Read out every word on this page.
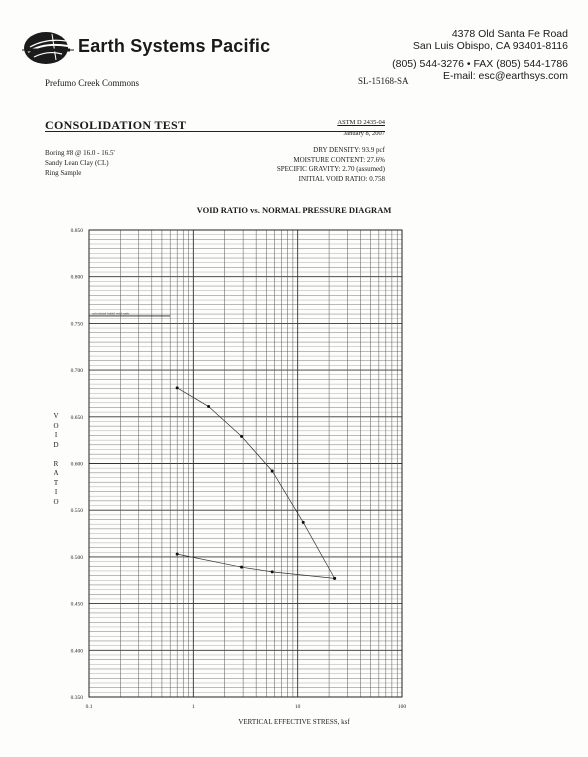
Earth Systems Pacific
4378 Old Santa Fe Road
San Luis Obispo, CA 93401-8116
(805) 544-3276 • FAX (805) 544-1786
E-mail: esc@earthsys.com
Prefumo Creek Commons	SL-15168-SA
CONSOLIDATION TEST	ASTM D 2435-04
January 8, 2007
Boring #8 @ 16.0 - 16.5'
Sandy Lean Clay (CL)
Ring Sample
DRY DENSITY: 93.9 pcf
MOISTURE CONTENT: 27.6%
SPECIFIC GRAVITY: 2.70 (assumed)
INITIAL VOID RATIO: 0.758
VOID RATIO vs. NORMAL PRESSURE DIAGRAM
0.850
0.800
0.750
0.700
0.650
0.600
0.550
0.500
0.450
0.400
0.350
0.1	1	10	100
calculated initial void ratio
V
O
I
D

R
A
T
I
O
VERTICAL EFFECTIVE STRESS, ksf
